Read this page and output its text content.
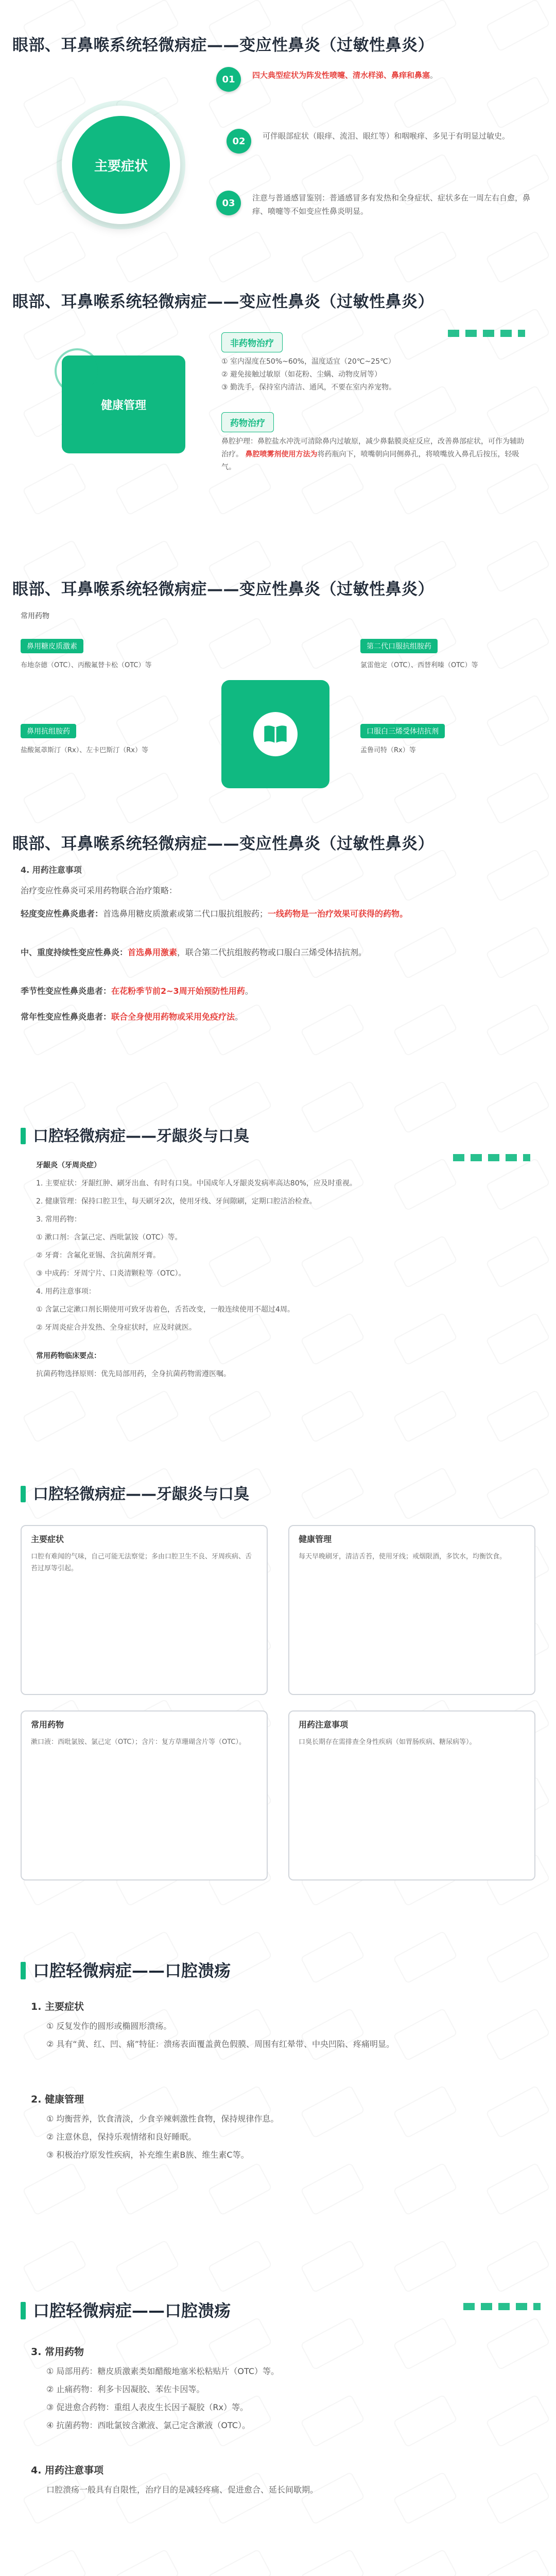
眼部、耳鼻喉系统轻微病症——变应性鼻炎（过敏性鼻炎）
主要症状
01	四大典型症状为阵发性喷嚏、清水样涕、鼻痒和鼻塞。
02	可伴眼部症状（眼痒、流泪、眼红等）和咽喉痒、多见于有明显过敏史。
03	注意与普通感冒鉴别：普通感冒多有发热和全身症状、症状多在一周左右自愈，鼻痒、喷嚏等不如变应性鼻炎明显。
眼部、耳鼻喉系统轻微病症——变应性鼻炎（过敏性鼻炎）
健康管理
非药物治疗
① 室内湿度在50%~60%，温度适宜（20℃~25℃）
② 避免接触过敏原（如花粉、尘螨、动物皮屑等）
③ 勤洗手，保持室内清洁、通风，不要在室内养宠物。
药物治疗
鼻腔护理：鼻腔盐水冲洗可清除鼻内过敏原，减少鼻黏膜炎症反应，改善鼻部症状，可作为辅助治疗。 鼻腔喷雾剂使用方法为将药瓶向下，喷嘴朝向同侧鼻孔，将喷嘴放入鼻孔后按压，轻吸气。
眼部、耳鼻喉系统轻微病症——变应性鼻炎（过敏性鼻炎）
常用药物
鼻用糖皮质激素
布地奈德（OTC）、丙酸氟替卡松（OTC）等
鼻用抗组胺药
盐酸氮䓬斯汀（Rx）、左卡巴斯汀（Rx）等
第二代口服抗组胺药
氯雷他定（OTC）、西替利嗪（OTC）等
口服白三烯受体拮抗剂
孟鲁司特（Rx）等
眼部、耳鼻喉系统轻微病症——变应性鼻炎（过敏性鼻炎）
4. 用药注意事项
治疗变应性鼻炎可采用药物联合治疗策略：
轻度变应性鼻炎患者：首选鼻用糖皮质激素或第二代口服抗组胺药；一线药物是一治疗效果可获得的药物。
中、重度持续性变应性鼻炎：首选鼻用激素，联合第二代抗组胺药物或口服白三烯受体拮抗剂。
季节性变应性鼻炎患者：在花粉季节前2~3周开始预防性用药。
常年性变应性鼻炎患者：联合全身使用药物或采用免疫疗法。
口腔轻微病症——牙龈炎与口臭
牙龈炎（牙周炎症）
1. 主要症状：牙龈红肿、刷牙出血、有时有口臭。中国成年人牙龈炎发病率高达80%，应及时重视。
2. 健康管理：保持口腔卫生，每天刷牙2次，使用牙线、牙间隙刷，定期口腔洁治检查。
3. 常用药物：
① 漱口剂：含氯己定、西吡氯铵（OTC）等。
② 牙膏：含氟化亚锡、含抗菌剂牙膏。
③ 中成药：牙周宁片、口炎清颗粒等（OTC）。
4. 用药注意事项：
① 含氯己定漱口剂长期使用可致牙齿着色，舌苔改变，一般连续使用不超过4周。
② 牙周炎症合并发热、全身症状时，应及时就医。
常用药物临床要点：
抗菌药物选择原则：优先局部用药，全身抗菌药物需遵医嘱。
口腔轻微病症——牙龈炎与口臭
主要症状
口腔有难闻的气味，自己可能无法察觉；多由口腔卫生不良、牙周疾病、舌苔过厚等引起。
健康管理
每天早晚刷牙，清洁舌苔，使用牙线；戒烟限酒，多饮水，均衡饮食。
常用药物
漱口液：西吡氯铵、氯己定（OTC）；含片：复方草珊瑚含片等（OTC）。
用药注意事项
口臭长期存在需排查全身性疾病（如胃肠疾病、糖尿病等）。
口腔轻微病症——口腔溃疡
1. 主要症状
① 反复发作的圆形或椭圆形溃疡。
② 具有“黄、红、凹、痛”特征：溃疡表面覆盖黄色假膜、周围有红晕带、中央凹陷、疼痛明显。
2. 健康管理
① 均衡营养，饮食清淡，少食辛辣刺激性食物，保持规律作息。
② 注意休息，保持乐观情绪和良好睡眠。
③ 积极治疗原发性疾病，补充维生素B族、维生素C等。
口腔轻微病症——口腔溃疡
3. 常用药物
① 局部用药：糖皮质激素类如醋酸地塞米松粘贴片（OTC）等。
② 止痛药物：利多卡因凝胶、苯佐卡因等。
③ 促进愈合药物：重组人表皮生长因子凝胶（Rx）等。
④ 抗菌药物：西吡氯铵含漱液、氯己定含漱液（OTC）。
4. 用药注意事项
口腔溃疡一般具有自限性，治疗目的是减轻疼痛、促进愈合、延长间歇期。
